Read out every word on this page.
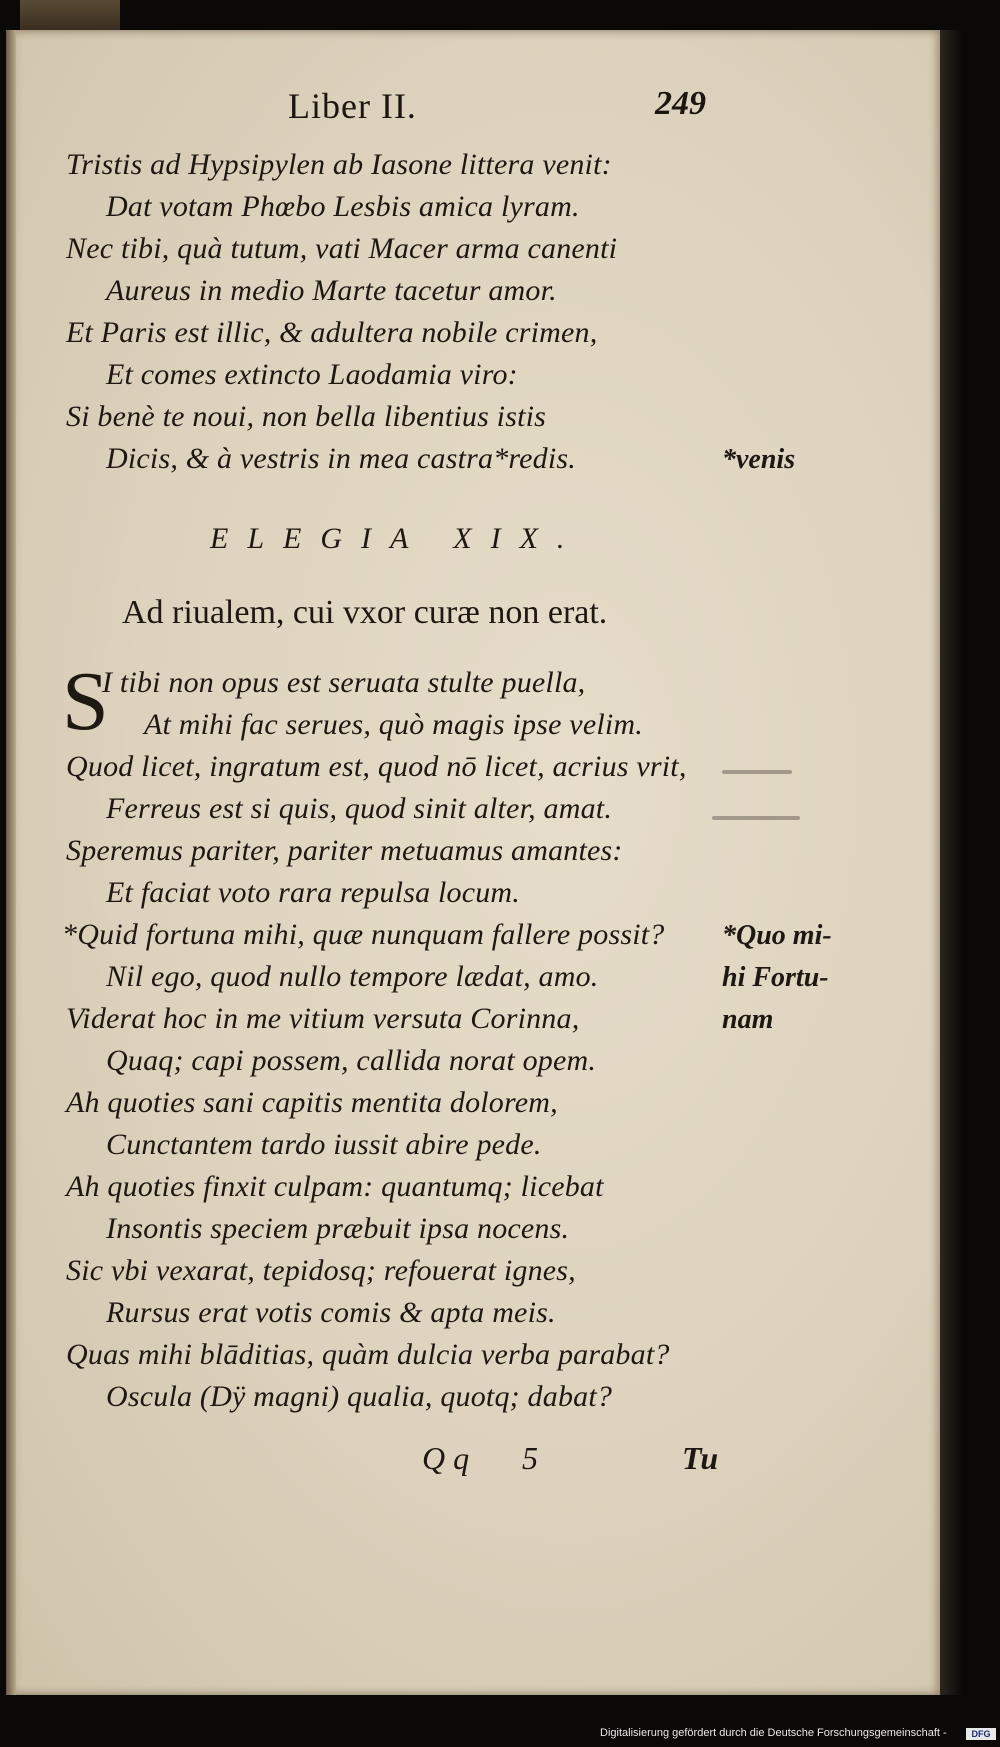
Liber II.	249
Tristis ad Hypsipylen ab Iasone littera venit:
Dat votam Phœbo Lesbis amica lyram.
Nec tibi, quà tutum, vati Macer arma canenti
Aureus in medio Marte tacetur amor.
Et Paris est illic, & adultera nobile crimen,
Et comes extincto Laodamia viro:
Si benè te noui, non bella libentius istis
Dicis, & à vestris in mea castra*redis.	*venis
ELEGIA XIX.
Ad riualem, cui vxor curæ non erat.
S
I tibi non opus est seruata stulte puella,
At mihi fac serues, quò magis ipse velim.
Quod licet, ingratum est, quod nō licet, acrius vrit,
Ferreus est si quis, quod sinit alter, amat.
Speremus pariter, pariter metuamus amantes:
Et faciat voto rara repulsa locum.
*Quid fortuna mihi, quæ nunquam fallere possit?
Nil ego, quod nullo tempore lædat, amo.
Viderat hoc in me vitium versuta Corinna,
Quaq; capi possem, callida norat opem.
Ah quoties sani capitis mentita dolorem,
Cunctantem tardo iussit abire pede.
Ah quoties finxit culpam: quantumq; licebat
Insontis speciem præbuit ipsa nocens.
Sic vbi vexarat, tepidosq; refouerat ignes,
Rursus erat votis comis & apta meis.
Quas mihi blāditias, quàm dulcia verba parabat?
Oscula (Dÿ magni) qualia, quotq; dabat?
*Quo mi-
hi Fortu-
nam
Q q 5	Tu
Digitalisierung gefördert durch die Deutsche Forschungsgemeinschaft -	DFG
